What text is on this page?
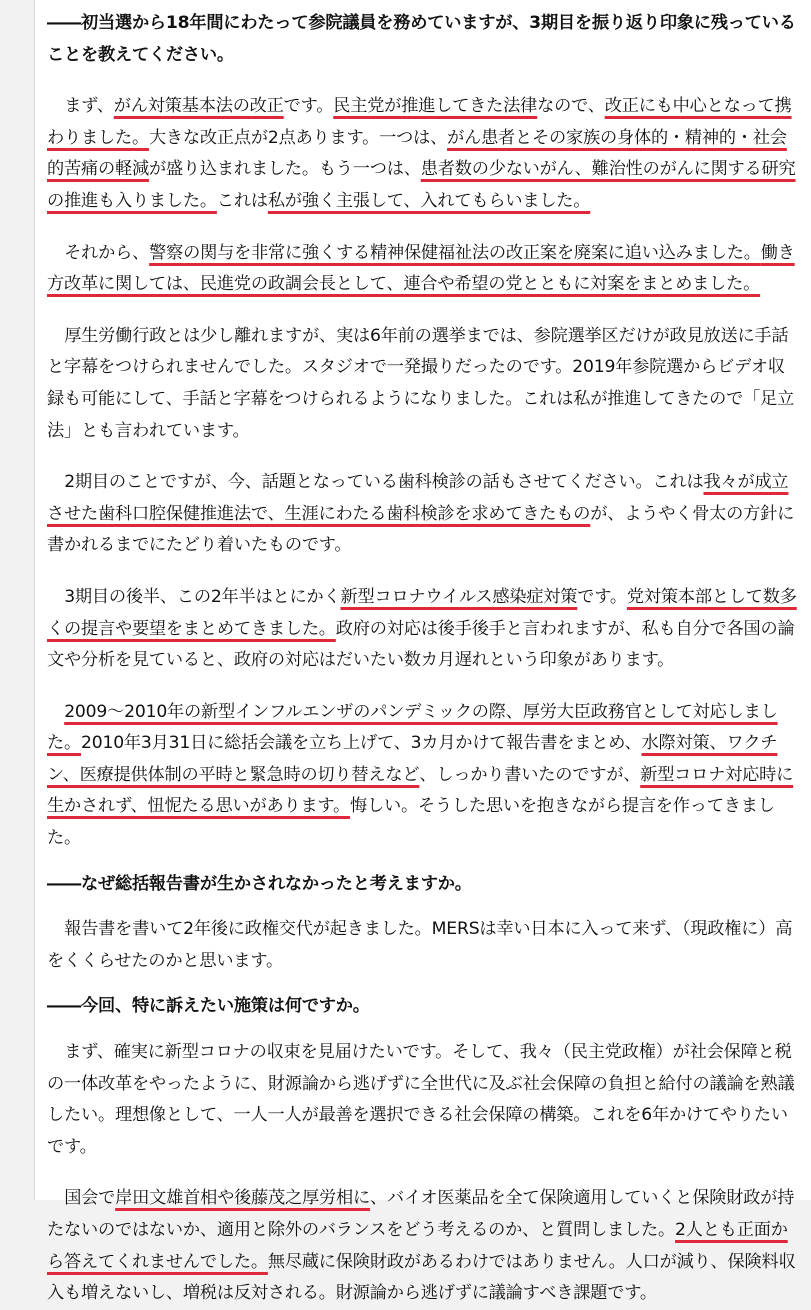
――初当選から18年間にわたって参院議員を務めていますが、3期目を振り返り印象に残っていることを教えてください。

まず、がん対策基本法の改正です。民主党が推進してきた法律なので、改正にも中心となって携わりました。大きな改正点が2点あります。一つは、がん患者とその家族の身体的・精神的・社会的苦痛の軽減が盛り込まれました。もう一つは、患者数の少ないがん、難治性のがんに関する研究の推進も入りました。これは私が強く主張して、入れてもらいました。

それから、警察の関与を非常に強くする精神保健福祉法の改正案を廃案に追い込みました。働き方改革に関しては、民進党の政調会長として、連合や希望の党とともに対案をまとめました。

厚生労働行政とは少し離れますが、実は6年前の選挙までは、参院選挙区だけが政見放送に手話と字幕をつけられませんでした。スタジオで一発撮りだったのです。2019年参院選からビデオ収録も可能にして、手話と字幕をつけられるようになりました。これは私が推進してきたので「足立法」とも言われています。

2期目のことですが、今、話題となっている歯科検診の話もさせてください。これは我々が成立させた歯科口腔保健推進法で、生涯にわたる歯科検診を求めてきたものが、ようやく骨太の方針に書かれるまでにたどり着いたものです。

3期目の後半、この2年半はとにかく新型コロナウイルス感染症対策です。党対策本部として数多くの提言や要望をまとめてきました。政府の対応は後手後手と言われますが、私も自分で各国の論文や分析を見ていると、政府の対応はだいたい数カ月遅れという印象があります。

2009～2010年の新型インフルエンザのパンデミックの際、厚労大臣政務官として対応しました。2010年3月31日に総括会議を立ち上げて、3カ月かけて報告書をまとめ、水際対策、ワクチン、医療提供体制の平時と緊急時の切り替えなど、しっかり書いたのですが、新型コロナ対応時に生かされず、忸怩たる思いがあります。悔しい。そうした思いを抱きながら提言を作ってきました。

――なぜ総括報告書が生かされなかったと考えますか。

報告書を書いて2年後に政権交代が起きました。MERSは幸い日本に入って来ず、（現政権に）高をくくらせたのかと思います。

――今回、特に訴えたい施策は何ですか。

まず、確実に新型コロナの収束を見届けたいです。そして、我々（民主党政権）が社会保障と税の一体改革をやったように、財源論から逃げずに全世代に及ぶ社会保障の負担と給付の議論を熟議したい。理想像として、一人一人が最善を選択できる社会保障の構築。これを6年かけてやりたいです。

国会で岸田文雄首相や後藤茂之厚労相に、バイオ医薬品を全て保険適用していくと保険財政が持たないのではないか、適用と除外のバランスをどう考えるのか、と質問しました。2人とも正面から答えてくれませんでした。無尽蔵に保険財政があるわけではありません。人口が減り、保険料収入も増えないし、増税は反対される。財源論から逃げずに議論すべき課題です。
